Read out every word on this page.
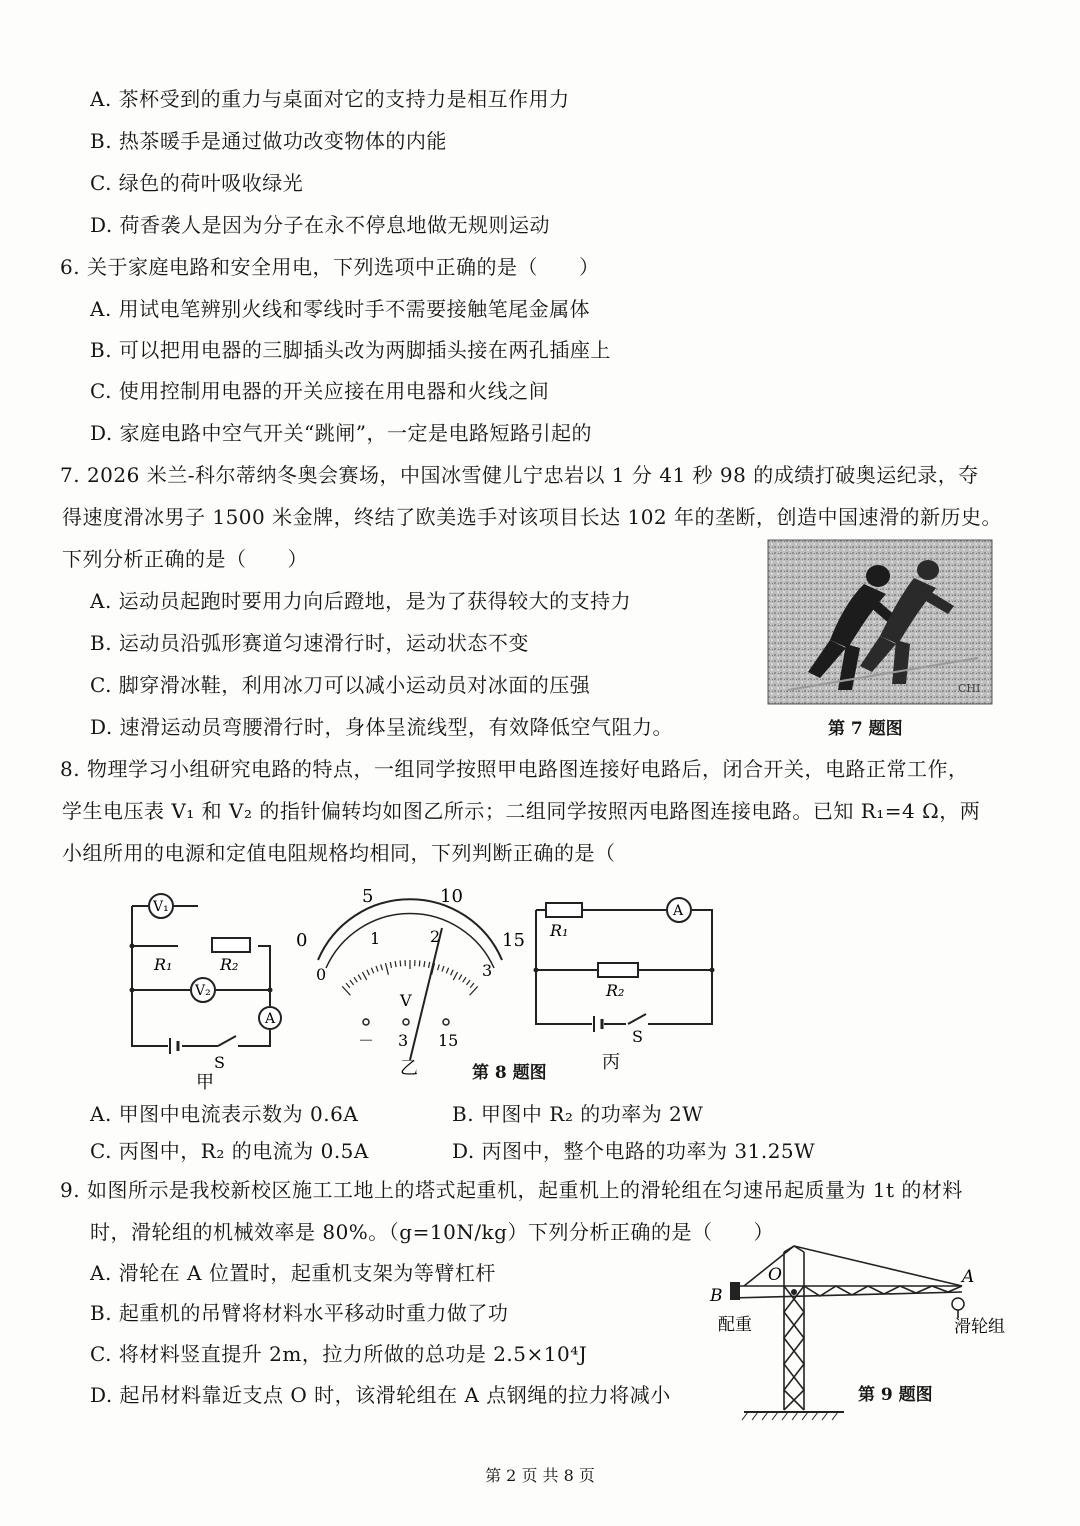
A. 茶杯受到的重力与桌面对它的支持力是相互作用力
B. 热茶暖手是通过做功改变物体的内能
C. 绿色的荷叶吸收绿光
D. 荷香袭人是因为分子在永不停息地做无规则运动
6. 关于家庭电路和安全用电，下列选项中正确的是（　　）
A. 用试电笔辨别火线和零线时手不需要接触笔尾金属体
B. 可以把用电器的三脚插头改为两脚插头接在两孔插座上
C. 使用控制用电器的开关应接在用电器和火线之间
D. 家庭电路中空气开关“跳闸”，一定是电路短路引起的
7. 2026 米兰-科尔蒂纳冬奥会赛场，中国冰雪健儿宁忠岩以 1 分 41 秒 98 的成绩打破奥运纪录，夺
得速度滑冰男子 1500 米金牌，终结了欧美选手对该项目长达 102 年的垄断，创造中国速滑的新历史。
下列分析正确的是（　　）
A. 运动员起跑时要用力向后蹬地，是为了获得较大的支持力
B. 运动员沿弧形赛道匀速滑行时，运动状态不变
C. 脚穿滑冰鞋，利用冰刀可以减小运动员对冰面的压强
D. 速滑运动员弯腰滑行时，身体呈流线型，有效降低空气阻力。
CHI
第 7 题图
8. 物理学习小组研究电路的特点，一组同学按照甲电路图连接好电路后，闭合开关，电路正常工作，
学生电压表 V₁ 和 V₂ 的指针偏转均如图乙所示；二组同学按照丙电路图连接电路。已知 R₁=4 Ω，两
小组所用的电源和定值电阻规格均相同，下列判断正确的是（
V₁
V₂
A
R₁	R₂
S
甲
0
5	10
15
0
1	2
3
V
－ 3 15
乙	第 8 题图
A
R₁
R₂
S
丙
A. 甲图中电流表示数为 0.6A	B. 甲图中 R₂ 的功率为 2W
C. 丙图中，R₂ 的电流为 0.5A	D. 丙图中，整个电路的功率为 31.25W
9. 如图所示是我校新校区施工工地上的塔式起重机，起重机上的滑轮组在匀速吊起质量为 1t 的材料
时，滑轮组的机械效率是 80%。（g=10N/kg）下列分析正确的是（　　）
A. 滑轮在 A 位置时，起重机支架为等臂杠杆
B. 起重机的吊臂将材料水平移动时重力做了功
C. 将材料竖直提升 2m，拉力所做的总功是 2.5×10⁴J
D. 起吊材料靠近支点 O 时，该滑轮组在 A 点钢绳的拉力将减小
B
O	A
配重	滑轮组
第 9 题图
第 2 页 共 8 页
